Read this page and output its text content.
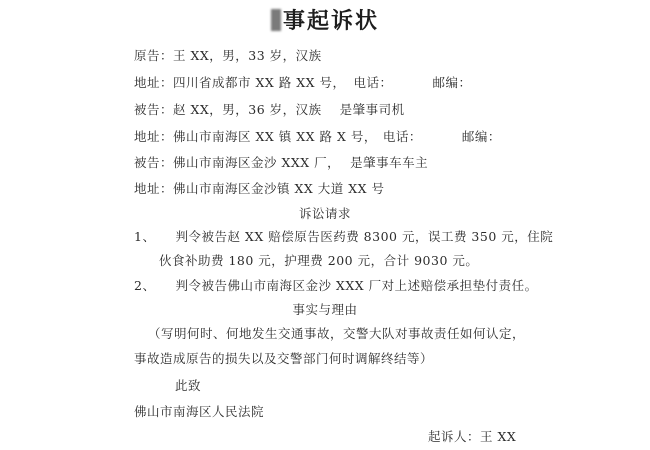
事起诉状
原告：王 XX，男，33 岁，汉族
地址：四川省成都市 XX 路 XX 号， 电话：	邮编：
被告：赵 XX，男，36 岁，汉族 是肇事司机
地址：佛山市南海区 XX 镇 XX 路 X 号， 电话：	邮编：
被告：佛山市南海区金沙 XXX 厂， 是肇事车车主
地址：佛山市南海区金沙镇 XX 大道 XX 号
诉讼请求
1、 判令被告赵 XX 赔偿原告医药费 8300 元，误工费 350 元，住院
伙食补助费 180 元，护理费 200 元，合计 9030 元。
2、 判令被告佛山市南海区金沙 XXX 厂对上述赔偿承担垫付责任。
事实与理由
（写明何时、何地发生交通事故，交警大队对事故责任如何认定，
事故造成原告的损失以及交警部门何时调解终结等）
此致
佛山市南海区人民法院
起诉人：王 XX
